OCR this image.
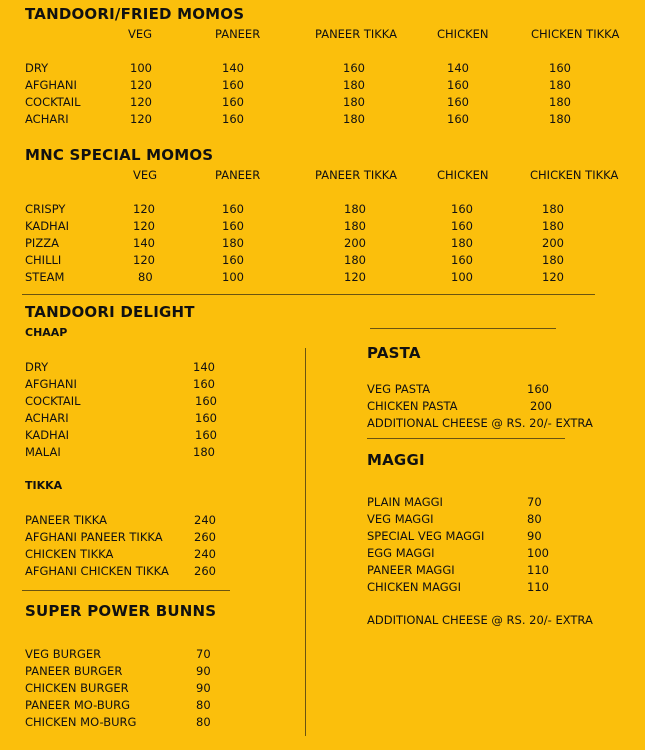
TANDOORI/FRIED MOMOS
VEG	PANEER	PANEER TIKKA	CHICKEN	CHICKEN TIKKA
DRY	100	140	160	140	160
AFGHANI	120	160	180	160	180
COCKTAIL	120	160	180	160	180
ACHARI	120	160	180	160	180
MNC SPECIAL MOMOS
VEG	PANEER	PANEER TIKKA	CHICKEN	CHICKEN TIKKA
CRISPY	120	160	180	160	180
KADHAI	120	160	180	160	180
PIZZA	140	180	200	180	200
CHILLI	120	160	180	160	180
STEAM	80	100	120	100	120
TANDOORI DELIGHT
CHAAP
DRY	140
AFGHANI	160
COCKTAIL	160
ACHARI	160
KADHAI	160
MALAI	180
TIKKA
PANEER TIKKA	240
AFGHANI PANEER TIKKA	260
CHICKEN TIKKA	240
AFGHANI CHICKEN TIKKA 260
SUPER POWER BUNNS
VEG BURGER	70
PANEER BURGER	90
CHICKEN BURGER	90
PANEER MO-BURG	80
CHICKEN MO-BURG	80
PASTA
VEG PASTA	160
CHICKEN PASTA	200
ADDITIONAL CHEESE @ RS. 20/- EXTRA
MAGGI
PLAIN MAGGI	70
VEG MAGGI	80
SPECIAL VEG MAGGI	90
EGG MAGGI	100
PANEER MAGGI	110
CHICKEN MAGGI	110
ADDITIONAL CHEESE @ RS. 20/- EXTRA
